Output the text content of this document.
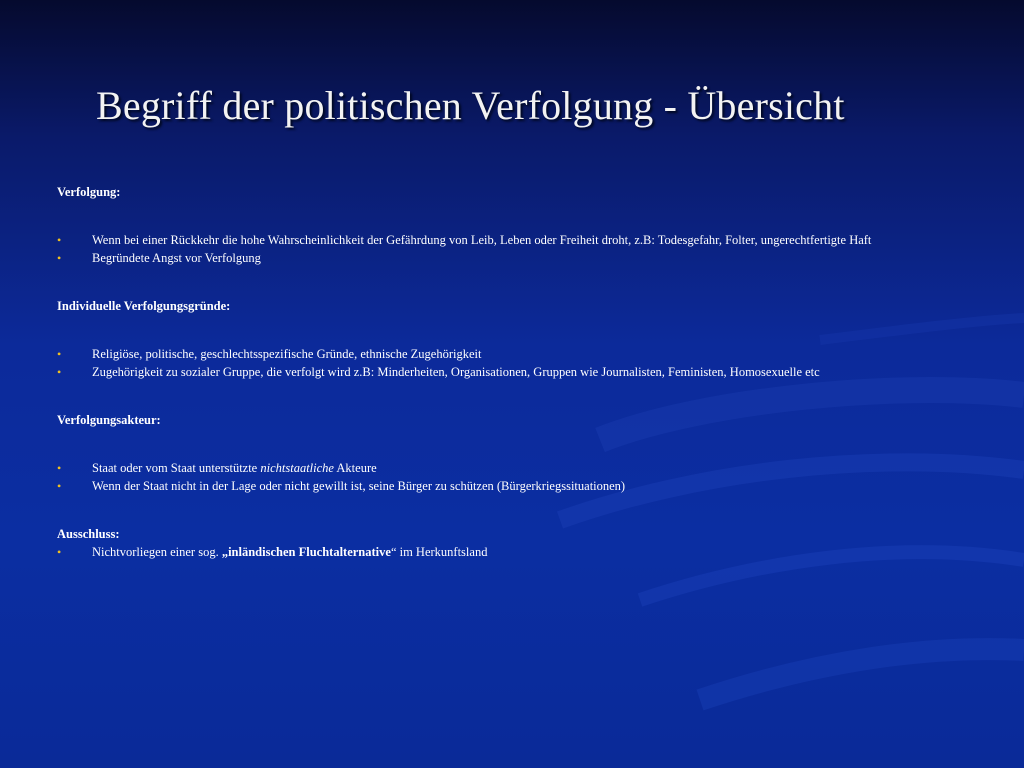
Begriff der politischen Verfolgung - Übersicht

Verfolgung:

• Wenn bei einer Rückkehr die hohe Wahrscheinlichkeit der Gefährdung von Leib, Leben oder Freiheit droht, z.B: Todesgefahr, Folter, ungerechtfertigte Haft
• Begründete Angst vor Verfolgung

Individuelle Verfolgungsgründe:

• Religiöse, politische, geschlechtsspezifische Gründe, ethnische Zugehörigkeit
• Zugehörigkeit zu sozialer Gruppe, die verfolgt wird z.B: Minderheiten, Organisationen, Gruppen wie Journalisten, Feministen, Homosexuelle etc

Verfolgungsakteur:

• Staat oder vom Staat unterstützte nichtstaatliche Akteure
• Wenn der Staat nicht in der Lage oder nicht gewillt ist, seine Bürger zu schützen (Bürgerkriegssituationen)

Ausschluss:

• Nichtvorliegen einer sog. „inländischen Fluchtalternative“ im Herkunftsland
